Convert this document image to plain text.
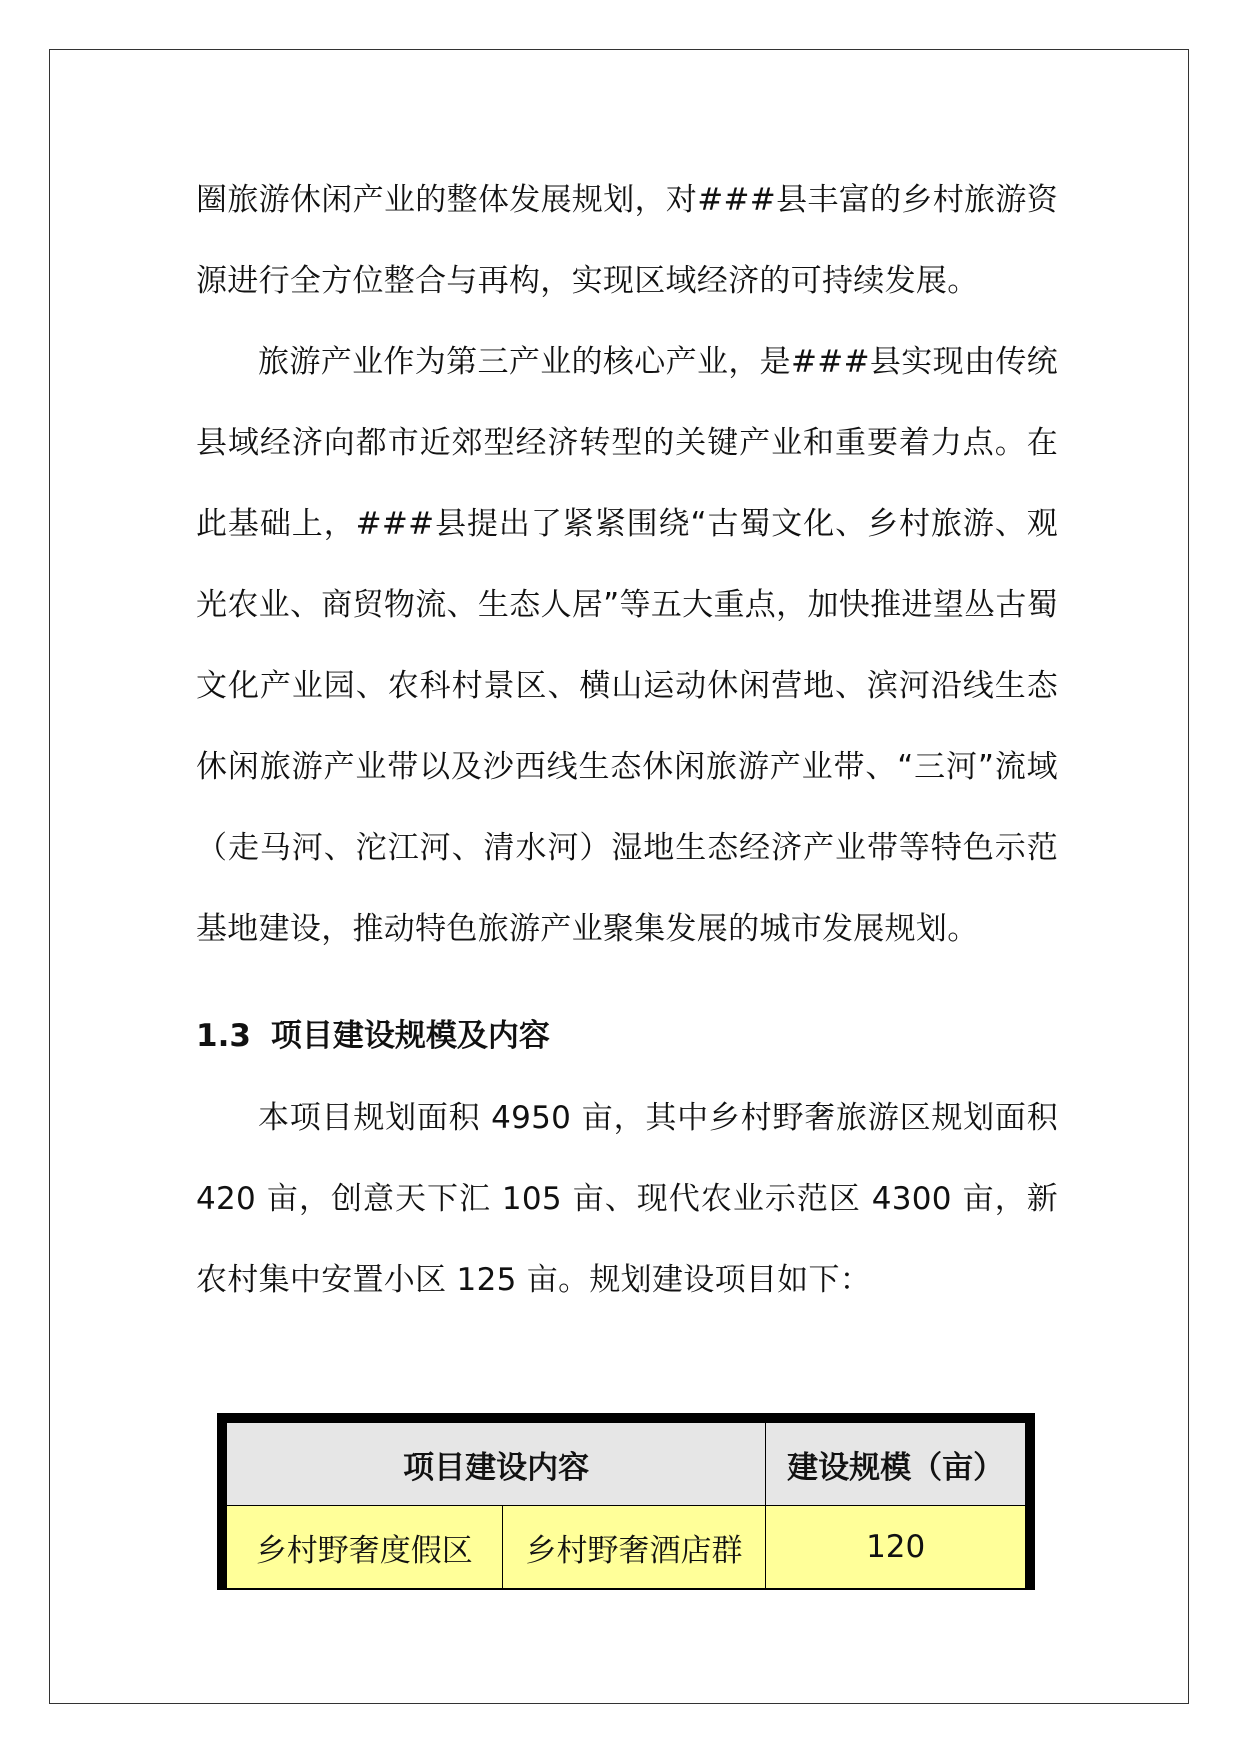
圈旅游休闲产业的整体发展规划，对###县丰富的乡村旅游资源进行全方位整合与再构，实现区域经济的可持续发展。

旅游产业作为第三产业的核心产业，是###县实现由传统县域经济向都市近郊型经济转型的关键产业和重要着力点。在此基础上，###县提出了紧紧围绕“古蜀文化、乡村旅游、观光农业、商贸物流、生态人居”等五大重点，加快推进望丛古蜀文化产业园、农科村景区、横山运动休闲营地、滨河沿线生态休闲旅游产业带以及沙西线生态休闲旅游产业带、“三河”流域（走马河、沱江河、清水河）湿地生态经济产业带等特色示范基地建设，推动特色旅游产业聚集发展的城市发展规划。

1.3 项目建设规模及内容

本项目规划面积 4950 亩，其中乡村野奢旅游区规划面积 420 亩，创意天下汇 105 亩、现代农业示范区 4300 亩，新农村集中安置小区 125 亩。规划建设项目如下：

项目建设内容		建设规模（亩）
乡村野奢度假区	乡村野奢酒店群	120
